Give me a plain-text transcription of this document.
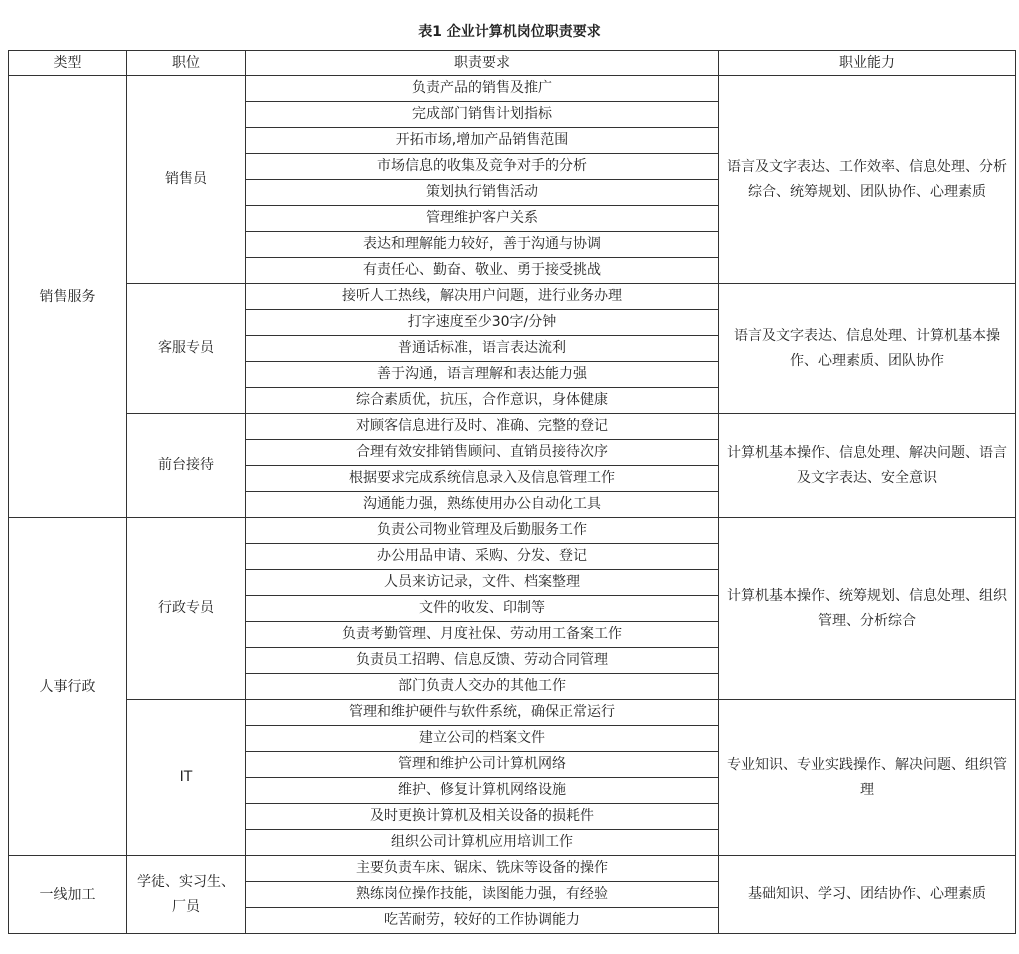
表1 企业计算机岗位职责要求
类型	职位	职责要求	职业能力
销售服务	销售员	负责产品的销售及推广	语言及文字表达、工作效率、信息处理、分析综合、统筹规划、团队协作、心理素质
		完成部门销售计划指标	
		开拓市场,增加产品销售范围	
		市场信息的收集及竞争对手的分析	
		策划执行销售活动	
		管理维护客户关系	
		表达和理解能力较好，善于沟通与协调	
		有责任心、勤奋、敬业、勇于接受挑战	
	客服专员	接听人工热线，解决用户问题，进行业务办理	语言及文字表达、信息处理、计算机基本操作、心理素质、团队协作
		打字速度至少30字/分钟	
		普通话标准，语言表达流利	
		善于沟通，语言理解和表达能力强	
		综合素质优，抗压，合作意识，身体健康	
	前台接待	对顾客信息进行及时、准确、完整的登记	计算机基本操作、信息处理、解决问题、语言及文字表达、安全意识
		合理有效安排销售顾问、直销员接待次序	
		根据要求完成系统信息录入及信息管理工作	
		沟通能力强，熟练使用办公自动化工具	
人事行政	行政专员	负责公司物业管理及后勤服务工作	计算机基本操作、统筹规划、信息处理、组织管理、分析综合
		办公用品申请、采购、分发、登记	
		人员来访记录，文件、档案整理	
		文件的收发、印制等	
		负责考勤管理、月度社保、劳动用工备案工作	
		负责员工招聘、信息反馈、劳动合同管理	
		部门负责人交办的其他工作	
	IT	管理和维护硬件与软件系统，确保正常运行	专业知识、专业实践操作、解决问题、组织管理
		建立公司的档案文件	
		管理和维护公司计算机网络	
		维护、修复计算机网络设施	
		及时更换计算机及相关设备的损耗件	
		组织公司计算机应用培训工作	
一线加工	学徒、实习生、厂员	主要负责车床、锯床、铣床等设备的操作	基础知识、学习、团结协作、心理素质
		熟练岗位操作技能，读图能力强，有经验	
		吃苦耐劳，较好的工作协调能力	
